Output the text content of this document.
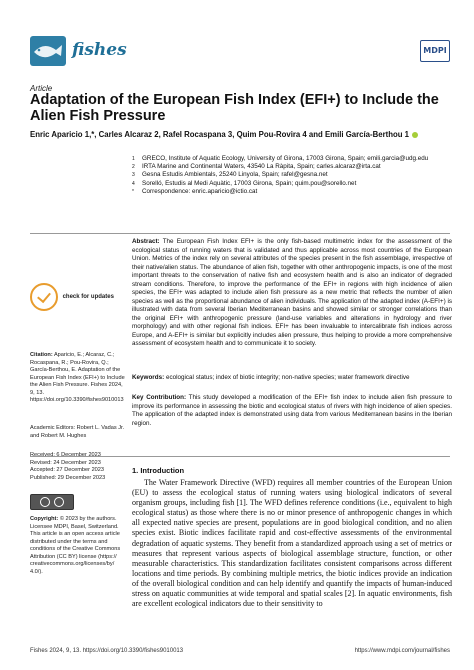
fishes	MDPI
Article
Adaptation of the European Fish Index (EFI+) to Include the Alien Fish Pressure
Enric Aparicio 1,*, Carles Alcaraz 2, Rafel Rocaspana 3, Quim Pou-Rovira 4 and Emili García-Berthou 1
1 GRECO, Institute of Aquatic Ecology, University of Girona, 17003 Girona, Spain; emili.garcia@udg.edu
2 IRTA Marine and Continental Waters, 43540 La Ràpita, Spain; carles.alcaraz@irta.cat
3 Gesna Estudis Ambientals, 25240 Linyola, Spain; rafel@gesna.net
4 Sorelló, Estudis al Medi Aquàtic, 17003 Girona, Spain; quim.pou@sorello.net
* Correspondence: enric.aparicio@ictio.cat
check for updates
Citation: Aparicio, E.; Alcaraz, C.; Rocaspana, R.; Pou-Rovira, Q.; García-Berthou, E. Adaptation of the European Fish Index (EFI+) to Include the Alien Fish Pressure. Fishes 2024, 9, 13. https://doi.org/10.3390/fishes9010013
Academic Editors: Robert L. Vadas Jr. and Robert M. Hughes
Received: 6 December 2023
Revised: 24 December 2023
Accepted: 27 December 2023
Published: 29 December 2023
Copyright: © 2023 by the authors. Licensee MDPI, Basel, Switzerland. This article is an open access article distributed under the terms and conditions of the Creative Commons Attribution (CC BY) license (https:// creativecommons.org/licenses/by/ 4.0/).
Abstract: The European Fish Index EFI+ is the only fish-based multimetric index for the assessment of the ecological status of running waters that is validated and thus applicable across most countries of the European Union. Metrics of the index rely on several attributes of the species present in the fish assemblage, irrespective of their native/alien status. The abundance of alien fish, together with other anthropogenic impacts, is one of the most important threats to the conservation of native fish and ecosystem health and is also an indicator of degraded stream conditions. Therefore, to improve the performance of the EFI+ in regions with high incidence of alien species, the EFI+ was adapted to include alien fish pressure as a new metric that reflects the number of alien species as well as the proportional abundance of alien individuals. The application of the adapted index (A-EFI+) is illustrated with data from several Iberian Mediterranean basins and showed similar or stronger correlations than the original EFI+ with anthropogenic pressure (land-use variables and alterations in hydrology and river morphology) and with other regional fish indices. EFI+ has been invaluable to intercalibrate fish indices across Europe, and A-EFI+ is similar but explicitly includes alien pressure, thus helping to provide a more comprehensive assessment of ecosystem health and to communicate it to society.
Keywords: ecological status; index of biotic integrity; non-native species; water framework directive
Key Contribution: This study developed a modification of the EFI+ fish index to include alien fish pressure to improve its performance in assessing the biotic and ecological status of rivers with high incidence of alien species. The application of the adapted index is demonstrated using data from various Mediterranean basins in the Iberian region.
1. Introduction
The Water Framework Directive (WFD) requires all member countries of the European Union (EU) to assess the ecological status of running waters using biological indicators of several organism groups, including fish [1]. The WFD defines reference conditions (i.e., equivalent to high ecological status) as those where there is no or minor presence of anthropogenic changes in which all expected native species are present, populations are in good biological condition, and no alien species exist. Biotic indices facilitate rapid and cost-effective assessments of the environmental degradation of aquatic systems. They benefit from a standardized approach using a set of metrics or measures that represent various aspects of biological assemblage structure, function, or other measurable characteristics. This standardization facilitates consistent comparisons across different locations and time periods. By combining multiple metrics, the biotic indices provide an indication of the overall biological condition and can help identify and quantify the impacts of human-induced stress on aquatic communities at wide temporal and spatial scales [2]. In aquatic environments, fish are excellent ecological indicators due to their sensitivity to
Fishes 2024, 9, 13. https://doi.org/10.3390/fishes9010013	https://www.mdpi.com/journal/fishes
